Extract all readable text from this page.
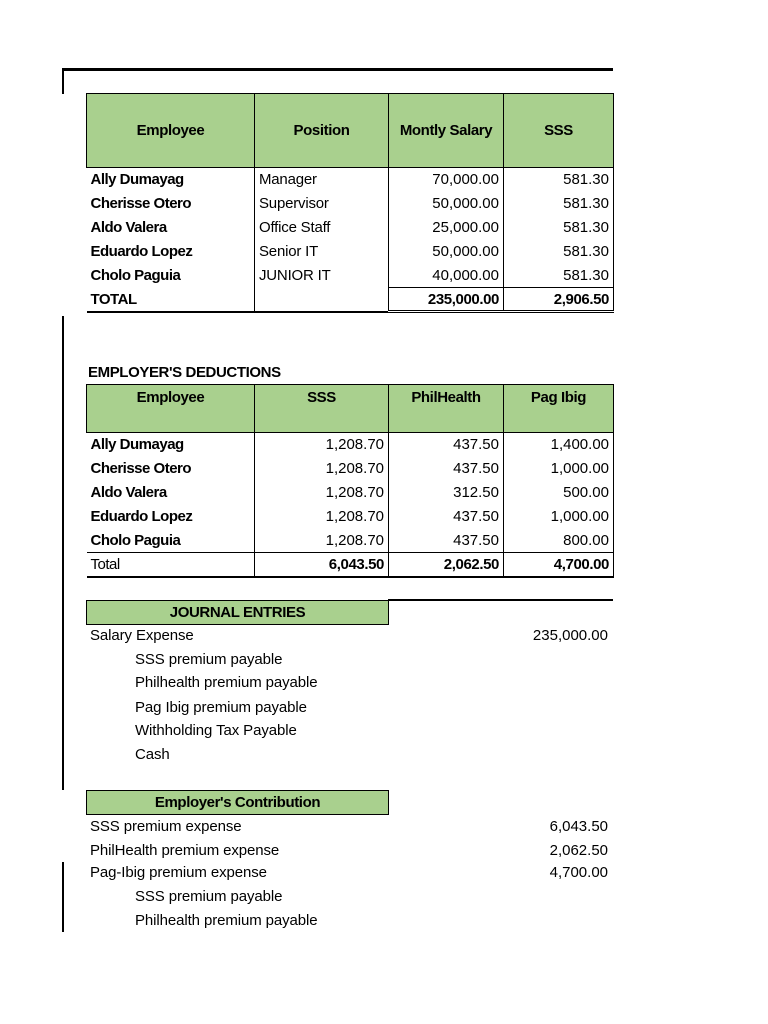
Employee	Position	Montly Salary	SSS
Ally Dumayag	Manager	70,000.00	581.30
Cherisse Otero	Supervisor	50,000.00	581.30
Aldo Valera	Office Staff	25,000.00	581.30
Eduardo Lopez	Senior IT	50,000.00	581.30
Cholo Paguia	JUNIOR IT	40,000.00	581.30
TOTAL		235,000.00	2,906.50
EMPLOYER'S DEDUCTIONS
Employee	SSS	PhilHealth	Pag Ibig
Ally Dumayag	1,208.70	437.50	1,400.00
Cherisse Otero	1,208.70	437.50	1,000.00
Aldo Valera	1,208.70	312.50	500.00
Eduardo Lopez	1,208.70	437.50	1,000.00
Cholo Paguia	1,208.70	437.50	800.00
Total	6,043.50	2,062.50	4,700.00
JOURNAL ENTRIES
Salary Expense	235,000.00
SSS premium payable
Philhealth premium payable
Pag Ibig premium payable
Withholding Tax Payable
Cash
Employer's Contribution
SSS premium expense	6,043.50
PhilHealth premium expense	2,062.50
Pag-Ibig premium expense	4,700.00
SSS premium payable
Philhealth premium payable
